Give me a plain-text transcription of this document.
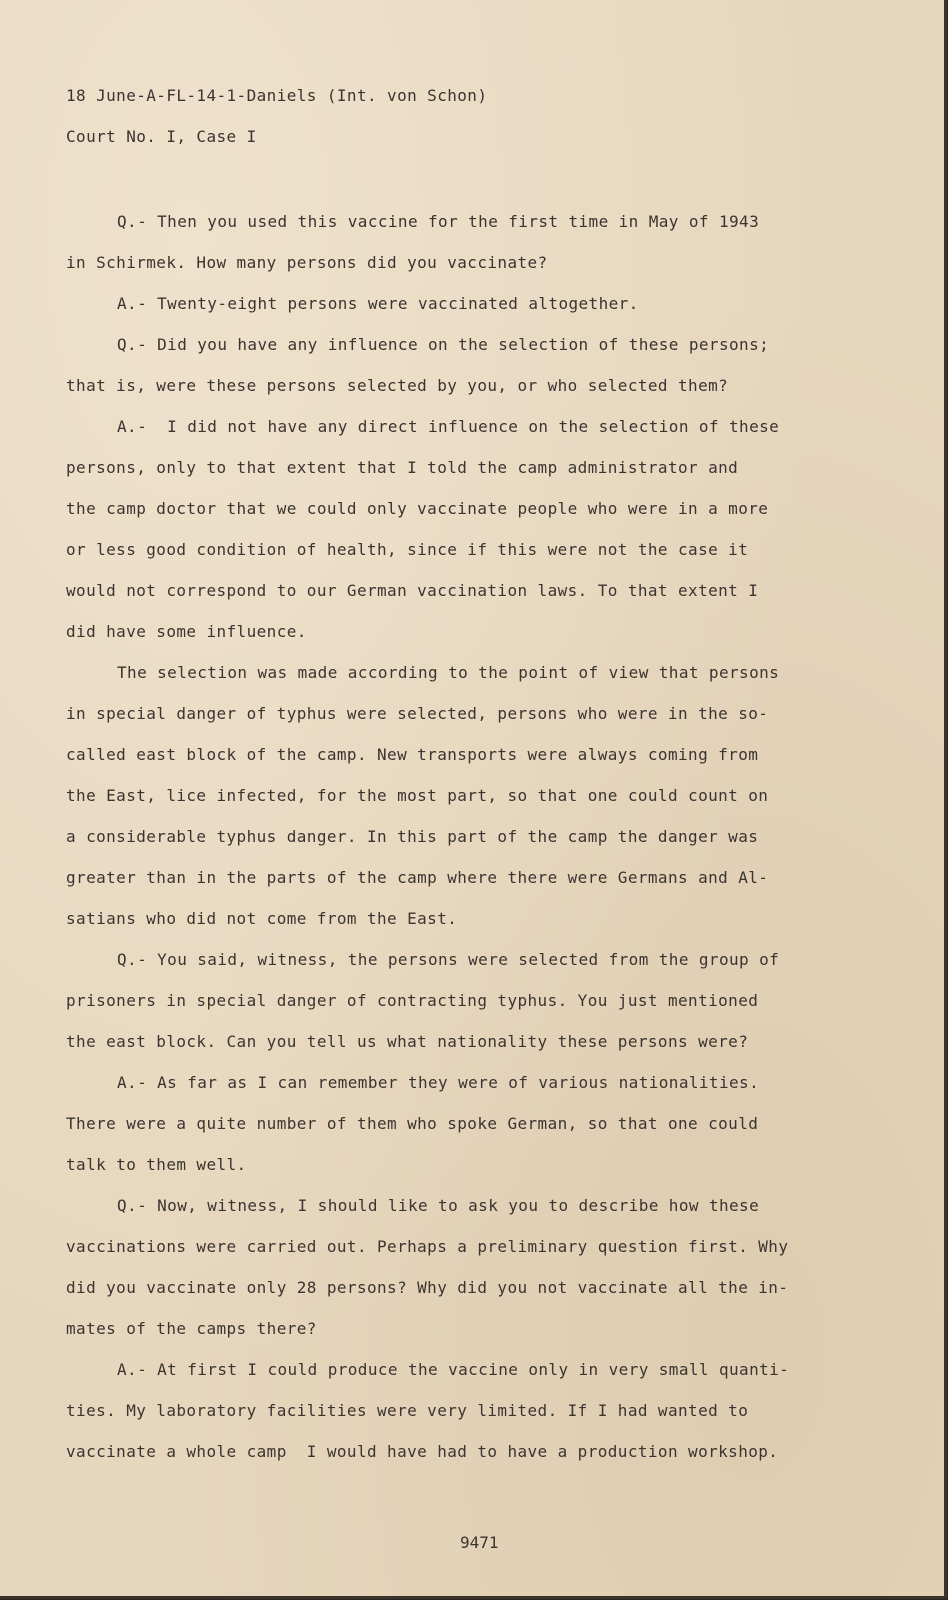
18 June-A-FL-14-1-Daniels (Int. von Schon)
Court No. I, Case I
Q.- Then you used this vaccine for the first time in May of 1943
in Schirmek. How many persons did you vaccinate?
A.- Twenty-eight persons were vaccinated altogether.
Q.- Did you have any influence on the selection of these persons;
that is, were these persons selected by you, or who selected them?
A.-  I did not have any direct influence on the selection of these
persons, only to that extent that I told the camp administrator and
the camp doctor that we could only vaccinate people who were in a more
or less good condition of health, since if this were not the case it
would not correspond to our German vaccination laws. To that extent I
did have some influence.
The selection was made according to the point of view that persons
in special danger of typhus were selected, persons who were in the so-
called east block of the camp. New transports were always coming from
the East, lice infected, for the most part, so that one could count on
a considerable typhus danger. In this part of the camp the danger was
greater than in the parts of the camp where there were Germans and Al-
satians who did not come from the East.
Q.- You said, witness, the persons were selected from the group of
prisoners in special danger of contracting typhus. You just mentioned
the east block. Can you tell us what nationality these persons were?
A.- As far as I can remember they were of various nationalities.
There were a quite number of them who spoke German, so that one could
talk to them well.
Q.- Now, witness, I should like to ask you to describe how these
vaccinations were carried out. Perhaps a preliminary question first. Why
did you vaccinate only 28 persons? Why did you not vaccinate all the in-
mates of the camps there?
A.- At first I could produce the vaccine only in very small quanti-
ties. My laboratory facilities were very limited. If I had wanted to
vaccinate a whole camp  I would have had to have a production workshop.
9471
